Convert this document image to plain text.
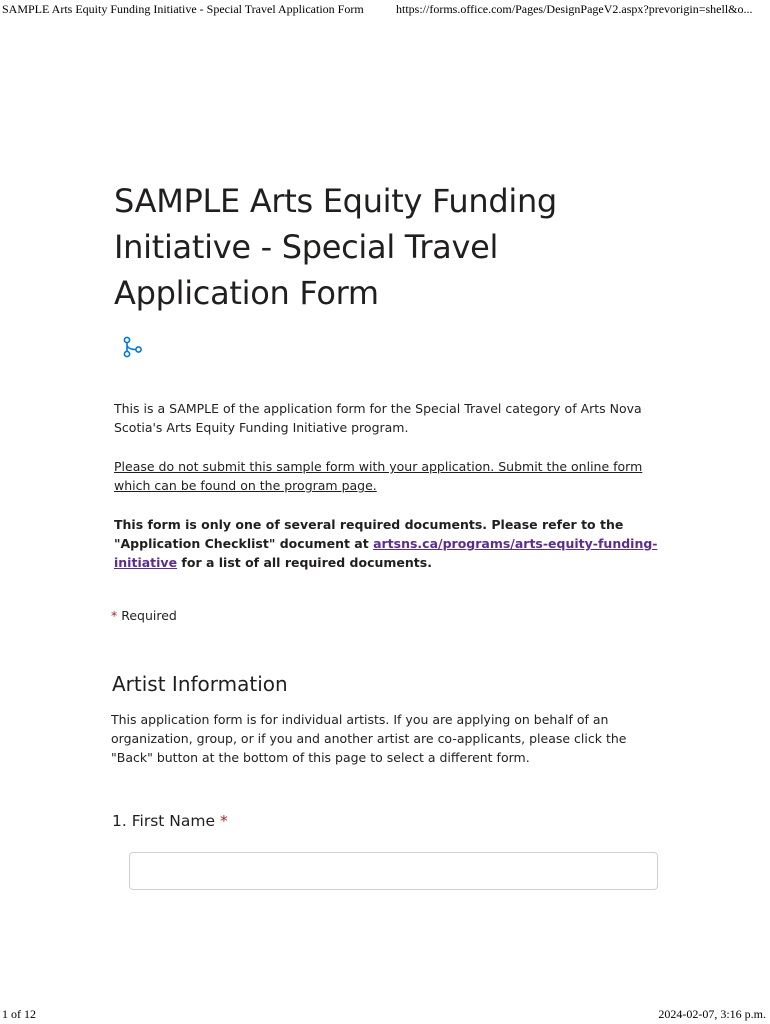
SAMPLE Arts Equity Funding Initiative - Special Travel Application Form	https://forms.office.com/Pages/DesignPageV2.aspx?prevorigin=shell&o...
SAMPLE Arts Equity Funding Initiative - Special Travel Application Form

This is a SAMPLE of the application form for the Special Travel category of Arts Nova Scotia's Arts Equity Funding Initiative program.

Please do not submit this sample form with your application. Submit the online form which can be found on the program page.

This form is only one of several required documents. Please refer to the "Application Checklist" document at artsns.ca/programs/arts-equity-funding-initiative for a list of all required documents.

* Required
Artist Information

This application form is for individual artists. If you are applying on behalf of an organization, group, or if you and another artist are co-applicants, please click the "Back" button at the bottom of this page to select a different form.

1. First Name *
1 of 12	2024-02-07, 3:16 p.m.
